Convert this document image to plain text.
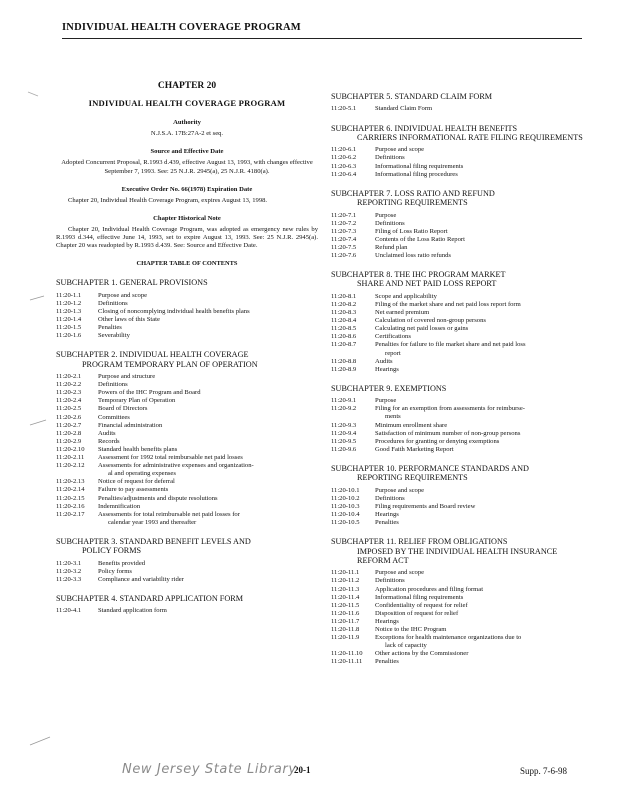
INDIVIDUAL HEALTH COVERAGE PROGRAM
CHAPTER 20
INDIVIDUAL HEALTH COVERAGE PROGRAM
Authority
N.J.S.A. 17B:27A-2 et seq.
Source and Effective Date
Adopted Concurrent Proposal, R.1993 d.439, effective August 13, 1993, with changes effective September 7, 1993. See: 25 N.J.R. 2945(a), 25 N.J.R. 4180(a).
Executive Order No. 66(1978) Expiration Date
Chapter 20, Individual Health Coverage Program, expires August 13, 1998.
Chapter Historical Note
Chapter 20, Individual Health Coverage Program, was adopted as emergency new rules by R.1993 d.344, effective June 14, 1993, set to expire August 13, 1993. See: 25 N.J.R. 2945(a). Chapter 20 was readopted by R.1993 d.439. See: Source and Effective Date.
CHAPTER TABLE OF CONTENTS
SUBCHAPTER 1. GENERAL PROVISIONS
11:20-1.1	Purpose and scope
11:20-1.2	Definitions
11:20-1.3	Closing of noncomplying individual health benefits plans
11:20-1.4	Other laws of this State
11:20-1.5	Penalties
11:20-1.6	Severability
SUBCHAPTER 2. INDIVIDUAL HEALTH COVERAGE
PROGRAM TEMPORARY PLAN OF OPERATION
11:20-2.1	Purpose and structure
11:20-2.2	Definitions
11:20-2.3	Powers of the IHC Program and Board
11:20-2.4	Temporary Plan of Operation
11:20-2.5	Board of Directors
11:20-2.6	Committees
11:20-2.7	Financial administration
11:20-2.8	Audits
11:20-2.9	Records
11:20-2.10	Standard health benefits plans
11:20-2.11	Assessment for 1992 total reimbursable net paid losses
11:20-2.12	Assessments for administrative expenses and organization-
al and operating expenses
11:20-2.13	Notice of request for deferral
11:20-2.14	Failure to pay assessments
11:20-2.15	Penalties/adjustments and dispute resolutions
11:20-2.16	Indemnification
11:20-2.17	Assessments for total reimbursable net paid losses for
calendar year 1993 and thereafter
SUBCHAPTER 3. STANDARD BENEFIT LEVELS AND
POLICY FORMS
11:20-3.1	Benefits provided
11:20-3.2	Policy forms
11:20-3.3	Compliance and variability rider
SUBCHAPTER 4. STANDARD APPLICATION FORM
11:20-4.1	Standard application form
SUBCHAPTER 5. STANDARD CLAIM FORM
11:20-5.1	Standard Claim Form
SUBCHAPTER 6. INDIVIDUAL HEALTH BENEFITS
CARRIERS INFORMATIONAL RATE FILING REQUIREMENTS
11:20-6.1	Purpose and scope
11:20-6.2	Definitions
11:20-6.3	Informational filing requirements
11:20-6.4	Informational filing procedures
SUBCHAPTER 7. LOSS RATIO AND REFUND
REPORTING REQUIREMENTS
11:20-7.1	Purpose
11:20-7.2	Definitions
11:20-7.3	Filing of Loss Ratio Report
11:20-7.4	Contents of the Loss Ratio Report
11:20-7.5	Refund plan
11:20-7.6	Unclaimed loss ratio refunds
SUBCHAPTER 8. THE IHC PROGRAM MARKET
SHARE AND NET PAID LOSS REPORT
11:20-8.1	Scope and applicability
11:20-8.2	Filing of the market share and net paid loss report form
11:20-8.3	Net earned premium
11:20-8.4	Calculation of covered non-group persons
11:20-8.5	Calculating net paid losses or gains
11:20-8.6	Certifications
11:20-8.7	Penalties for failure to file market share and net paid loss
report
11:20-8.8	Audits
11:20-8.9	Hearings
SUBCHAPTER 9. EXEMPTIONS
11:20-9.1	Purpose
11:20-9.2	Filing for an exemption from assessments for reimburse-
ments
11:20-9.3	Minimum enrollment share
11:20-9.4	Satisfaction of minimum number of non-group persons
11:20-9.5	Procedures for granting or denying exemptions
11:20-9.6	Good Faith Marketing Report
SUBCHAPTER 10. PERFORMANCE STANDARDS AND
REPORTING REQUIREMENTS
11:20-10.1	Purpose and scope
11:20-10.2	Definitions
11:20-10.3	Filing requirements and Board review
11:20-10.4	Hearings
11:20-10.5	Penalties
SUBCHAPTER 11. RELIEF FROM OBLIGATIONS
IMPOSED BY THE INDIVIDUAL HEALTH INSURANCE REFORM ACT
11:20-11.1	Purpose and scope
11:20-11.2	Definitions
11:20-11.3	Application procedures and filing format
11:20-11.4	Informational filing requirements
11:20-11.5	Confidentiality of request for relief
11:20-11.6	Disposition of request for relief
11:20-11.7	Hearings
11:20-11.8	Notice to the IHC Program
11:20-11.9	Exceptions for health maintenance organizations due to
lack of capacity
11:20-11.10	Other actions by the Commissioner
11:20-11.11	Penalties
New Jersey State Library
20-1	Supp. 7-6-98
